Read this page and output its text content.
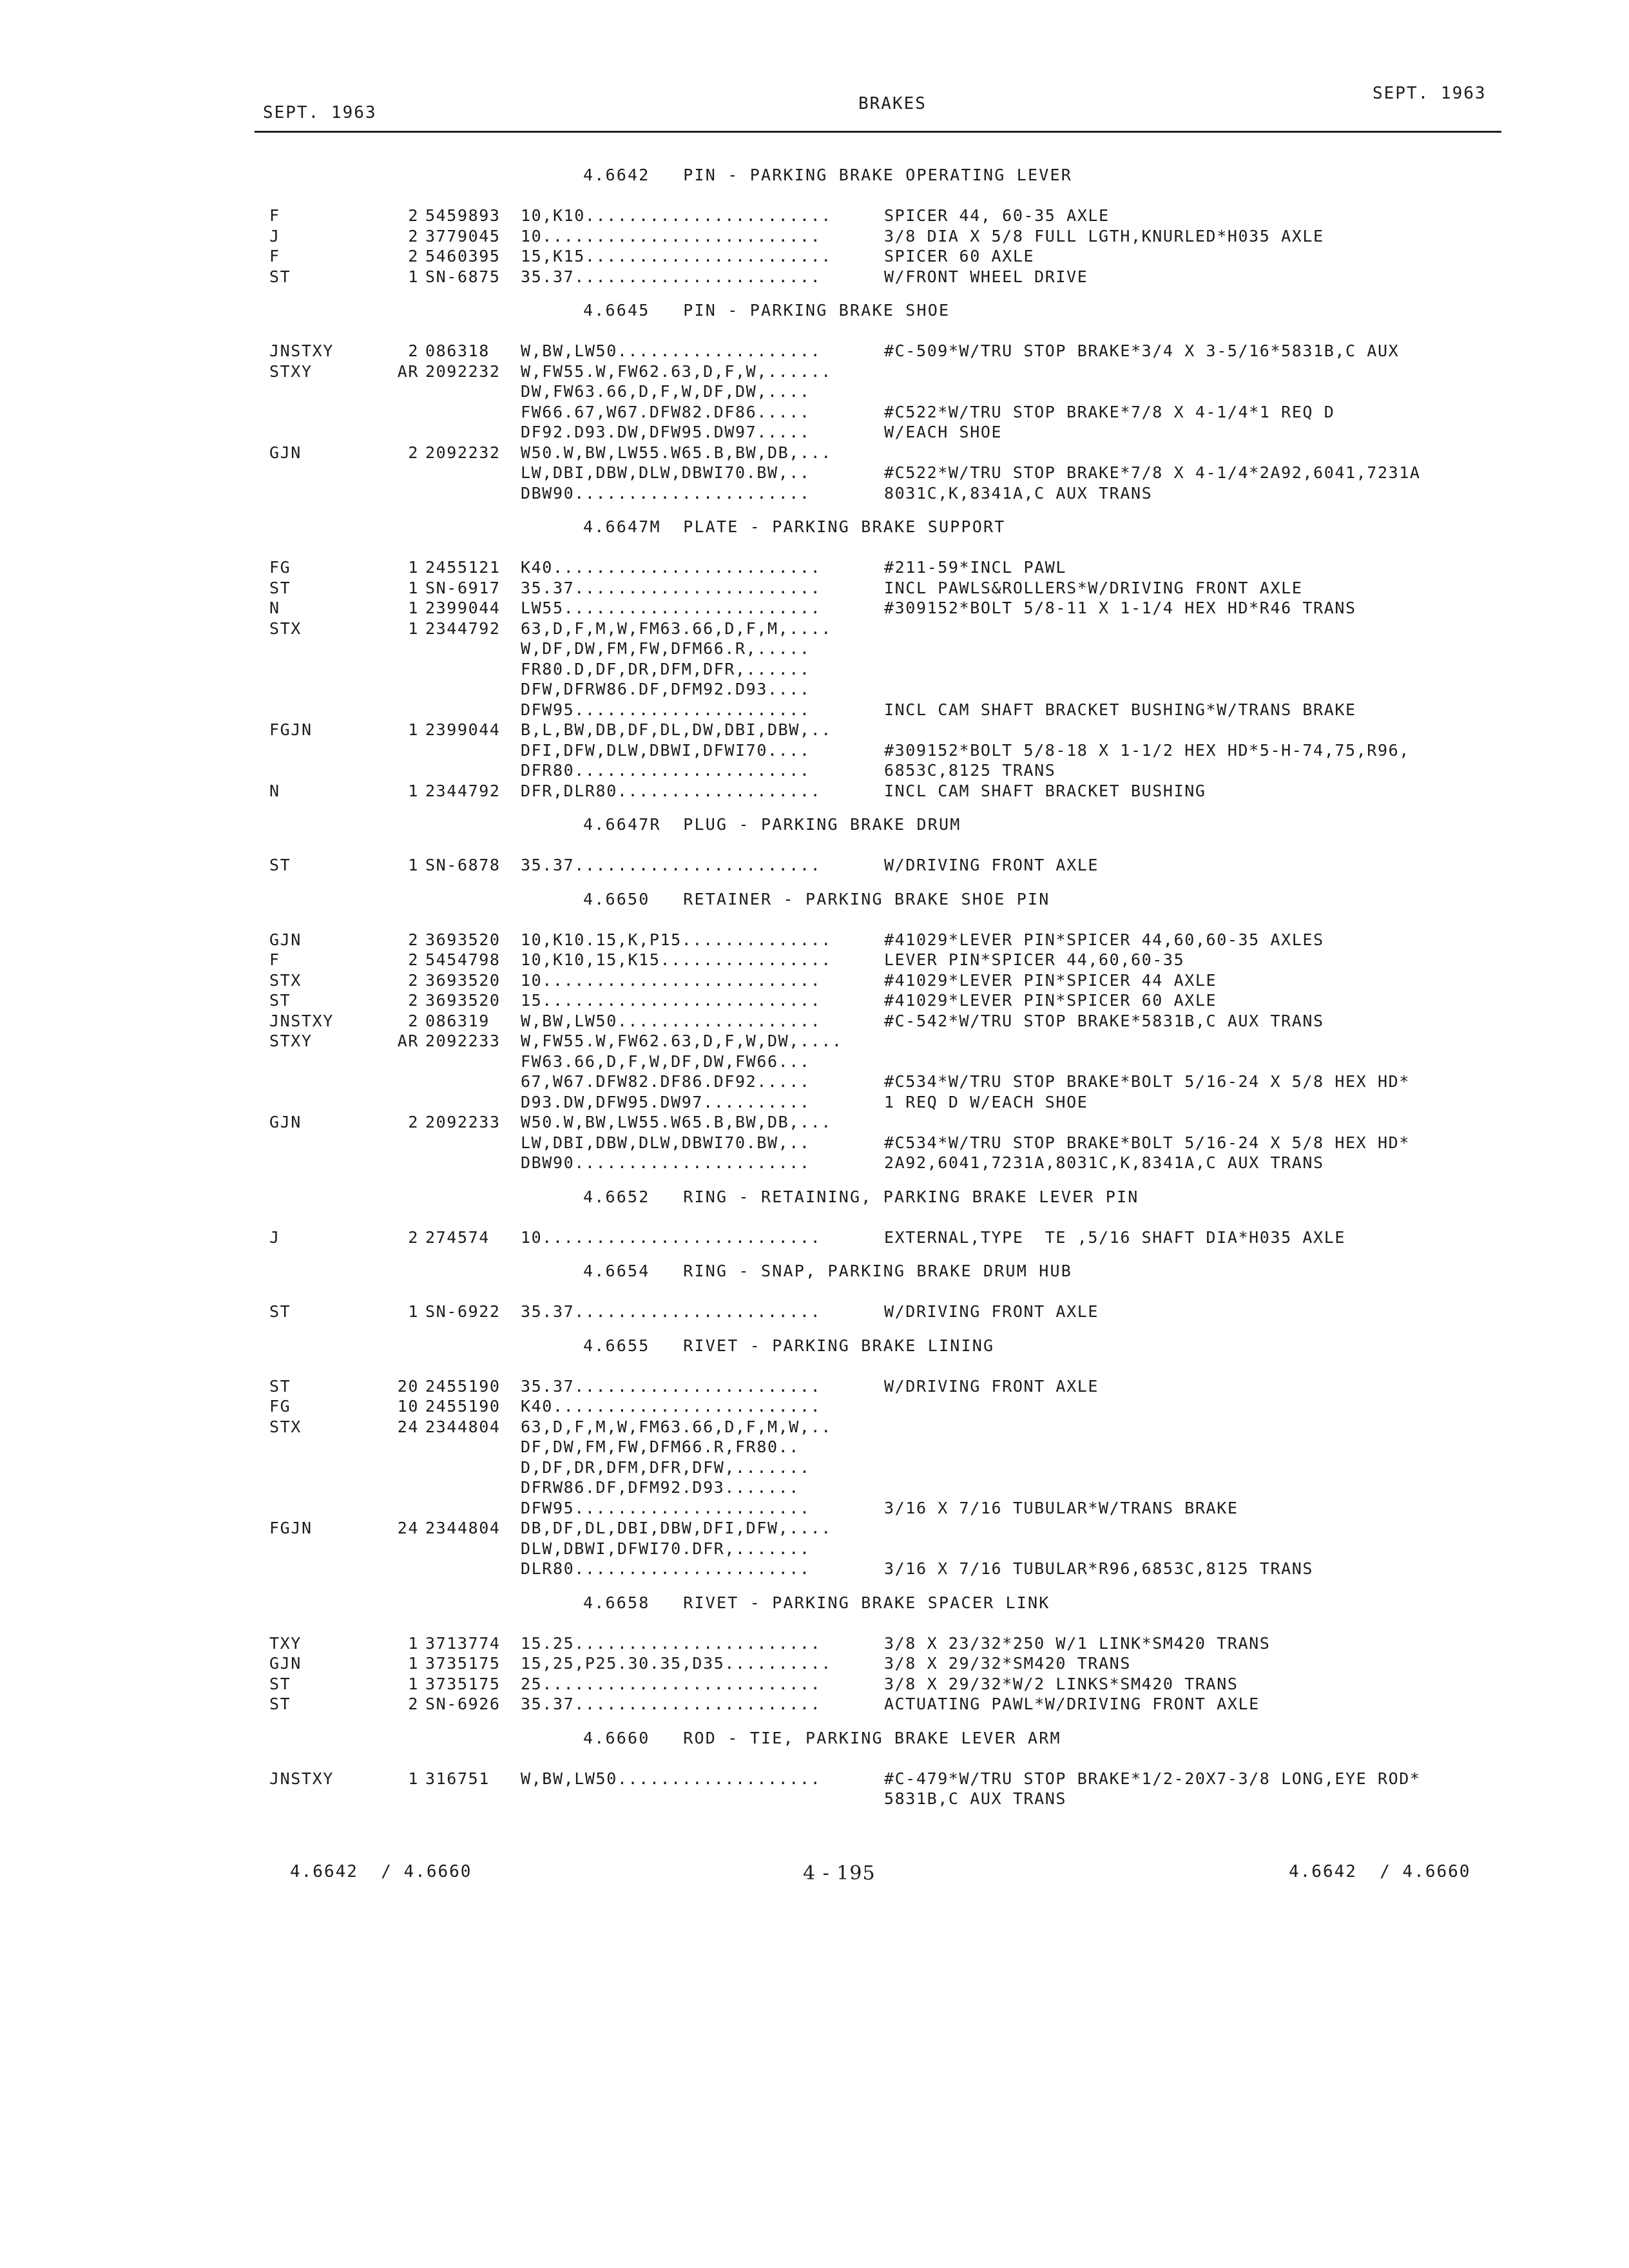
SEPT. 1963	BRAKES
SEPT. 1963
4.6642   PIN - PARKING BRAKE OPERATING LEVER
F	2 5459893 10,K10.......................	SPICER 44, 60-35 AXLE
J	2 3779045 10..........................	3/8 DIA X 5/8 FULL LGTH,KNURLED*H035 AXLE
F	2 5460395 15,K15.......................	SPICER 60 AXLE
ST	1 SN-6875 35.37.......................	W/FRONT WHEEL DRIVE
4.6645   PIN - PARKING BRAKE SHOE
JNSTXY	2 086318 W,BW,LW50...................	#C-509*W/TRU STOP BRAKE*3/4 X 3-5/16*5831B,C AUX
STXY	AR 2092232 W,FW55.W,FW62.63,D,F,W,......
DW,FW63.66,D,F,W,DF,DW,....
FW66.67,W67.DFW82.DF86.....	#C522*W/TRU STOP BRAKE*7/8 X 4-1/4*1 REQ D
DF92.D93.DW,DFW95.DW97.....	W/EACH SHOE
GJN	2 2092232 W50.W,BW,LW55.W65.B,BW,DB,...
LW,DBI,DBW,DLW,DBWI70.BW,..	#C522*W/TRU STOP BRAKE*7/8 X 4-1/4*2A92,6041,7231A
DBW90......................	8031C,K,8341A,C AUX TRANS
4.6647M  PLATE - PARKING BRAKE SUPPORT
FG	1 2455121 K40.........................	#211-59*INCL PAWL
ST	1 SN-6917 35.37.......................	INCL PAWLS&ROLLERS*W/DRIVING FRONT AXLE
N	1 2399044 LW55........................	#309152*BOLT 5/8-11 X 1-1/4 HEX HD*R46 TRANS
STX	1 2344792 63,D,F,M,W,FM63.66,D,F,M,....
W,DF,DW,FM,FW,DFM66.R,.....
FR80.D,DF,DR,DFM,DFR,......
DFW,DFRW86.DF,DFM92.D93....
DFW95......................	INCL CAM SHAFT BRACKET BUSHING*W/TRANS BRAKE
FGJN	1 2399044 B,L,BW,DB,DF,DL,DW,DBI,DBW,..
DFI,DFW,DLW,DBWI,DFWI70....	#309152*BOLT 5/8-18 X 1-1/2 HEX HD*5-H-74,75,R96,
DFR80......................	6853C,8125 TRANS
N	1 2344792 DFR,DLR80...................	INCL CAM SHAFT BRACKET BUSHING
4.6647R  PLUG - PARKING BRAKE DRUM
ST	1 SN-6878 35.37.......................	W/DRIVING FRONT AXLE
4.6650   RETAINER - PARKING BRAKE SHOE PIN
GJN	2 3693520 10,K10.15,K,P15..............	#41029*LEVER PIN*SPICER 44,60,60-35 AXLES
F	2 5454798 10,K10,15,K15................	LEVER PIN*SPICER 44,60,60-35
STX	2 3693520 10..........................	#41029*LEVER PIN*SPICER 44 AXLE
ST	2 3693520 15..........................	#41029*LEVER PIN*SPICER 60 AXLE
JNSTXY	2 086319 W,BW,LW50...................	#C-542*W/TRU STOP BRAKE*5831B,C AUX TRANS
STXY	AR 2092233 W,FW55.W,FW62.63,D,F,W,DW,....
FW63.66,D,F,W,DF,DW,FW66...
67,W67.DFW82.DF86.DF92.....	#C534*W/TRU STOP BRAKE*BOLT 5/16-24 X 5/8 HEX HD*
D93.DW,DFW95.DW97..........	1 REQ D W/EACH SHOE
GJN	2 2092233 W50.W,BW,LW55.W65.B,BW,DB,...
LW,DBI,DBW,DLW,DBWI70.BW,..	#C534*W/TRU STOP BRAKE*BOLT 5/16-24 X 5/8 HEX HD*
DBW90......................	2A92,6041,7231A,8031C,K,8341A,C AUX TRANS
4.6652   RING - RETAINING, PARKING BRAKE LEVER PIN
J	2 274574 10..........................	EXTERNAL,TYPE  TE ,5/16 SHAFT DIA*H035 AXLE
4.6654   RING - SNAP, PARKING BRAKE DRUM HUB
ST	1 SN-6922 35.37.......................	W/DRIVING FRONT AXLE
4.6655   RIVET - PARKING BRAKE LINING
ST	20 2455190 35.37.......................	W/DRIVING FRONT AXLE
FG	10 2455190 K40.........................
STX	24 2344804 63,D,F,M,W,FM63.66,D,F,M,W,..
DF,DW,FM,FW,DFM66.R,FR80..
D,DF,DR,DFM,DFR,DFW,.......
DFRW86.DF,DFM92.D93.......
DFW95......................	3/16 X 7/16 TUBULAR*W/TRANS BRAKE
FGJN	24 2344804 DB,DF,DL,DBI,DBW,DFI,DFW,....
DLW,DBWI,DFWI70.DFR,.......
DLR80......................	3/16 X 7/16 TUBULAR*R96,6853C,8125 TRANS
4.6658   RIVET - PARKING BRAKE SPACER LINK
TXY	1 3713774 15.25.......................	3/8 X 23/32*250 W/1 LINK*SM420 TRANS
GJN	1 3735175 15,25,P25.30.35,D35..........	3/8 X 29/32*SM420 TRANS
ST	1 3735175 25..........................	3/8 X 29/32*W/2 LINKS*SM420 TRANS
ST	2 SN-6926 35.37.......................	ACTUATING PAWL*W/DRIVING FRONT AXLE
4.6660   ROD - TIE, PARKING BRAKE LEVER ARM
JNSTXY	1 316751 W,BW,LW50...................	#C-479*W/TRU STOP BRAKE*1/2-20X7-3/8 LONG,EYE ROD*
5831B,C AUX TRANS
4.6642  / 4.6660	4 - 195	4.6642  / 4.6660
